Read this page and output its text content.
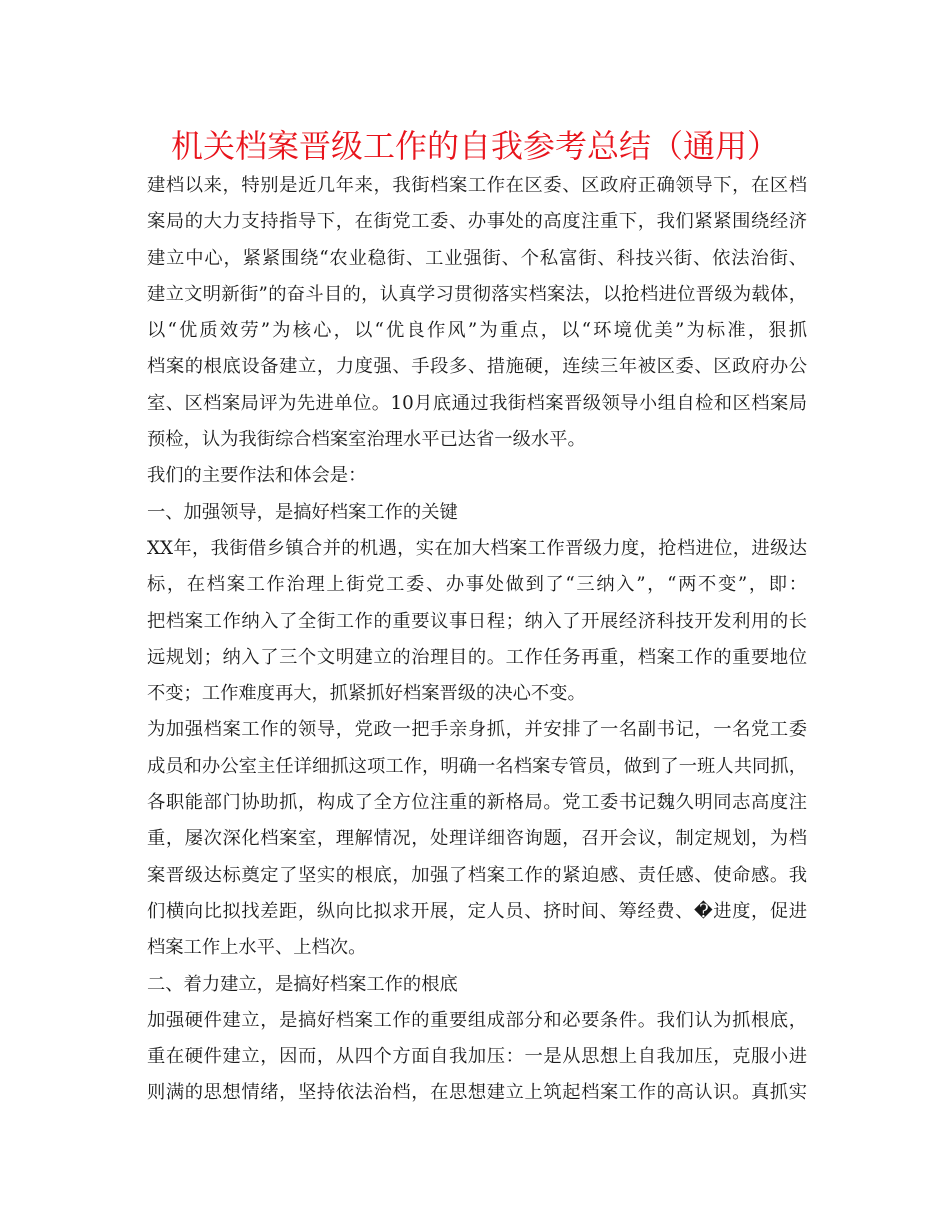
机关档案晋级工作的自我参考总结（通用）
建档以来，特别是近几年来，我街档案工作在区委、区政府正确领导下，在区档
案局的大力支持指导下，在街党工委、办事处的高度注重下，我们紧紧围绕经济
建立中心，紧紧围绕“农业稳街、工业强街、个私富街、科技兴街、依法治街、
建立文明新街”的奋斗目的，认真学习贯彻落实档案法，以抢档进位晋级为载体，
以“优质效劳”为核心，以“优良作风”为重点，以“环境优美”为标准，狠抓
档案的根底设备建立，力度强、手段多、措施硬，连续三年被区委、区政府办公
室、区档案局评为先进单位。10月底通过我街档案晋级领导小组自检和区档案局
预检，认为我街综合档案室治理水平已达省一级水平。
我们的主要作法和体会是：
一、加强领导，是搞好档案工作的关键
XX年，我街借乡镇合并的机遇，实在加大档案工作晋级力度，抢档进位，进级达
标，在档案工作治理上街党工委、办事处做到了“三纳入”，“两不变”，即：
把档案工作纳入了全街工作的重要议事日程；纳入了开展经济科技开发利用的长
远规划；纳入了三个文明建立的治理目的。工作任务再重，档案工作的重要地位
不变；工作难度再大，抓紧抓好档案晋级的决心不变。
为加强档案工作的领导，党政一把手亲身抓，并安排了一名副书记，一名党工委
成员和办公室主任详细抓这项工作，明确一名档案专管员，做到了一班人共同抓，
各职能部门协助抓，构成了全方位注重的新格局。党工委书记魏久明同志高度注
重，屡次深化档案室，理解情况，处理详细咨询题，召开会议，制定规划，为档
案晋级达标奠定了坚实的根底，加强了档案工作的紧迫感、责任感、使命感。我
们横向比拟找差距，纵向比拟求开展，定人员、挤时间、筹经费、�进度，促进
档案工作上水平、上档次。
二、着力建立，是搞好档案工作的根底
加强硬件建立，是搞好档案工作的重要组成部分和必要条件。我们认为抓根底，
重在硬件建立，因而，从四个方面自我加压：一是从思想上自我加压，克服小进
则满的思想情绪，坚持依法治档，在思想建立上筑起档案工作的高认识。真抓实
